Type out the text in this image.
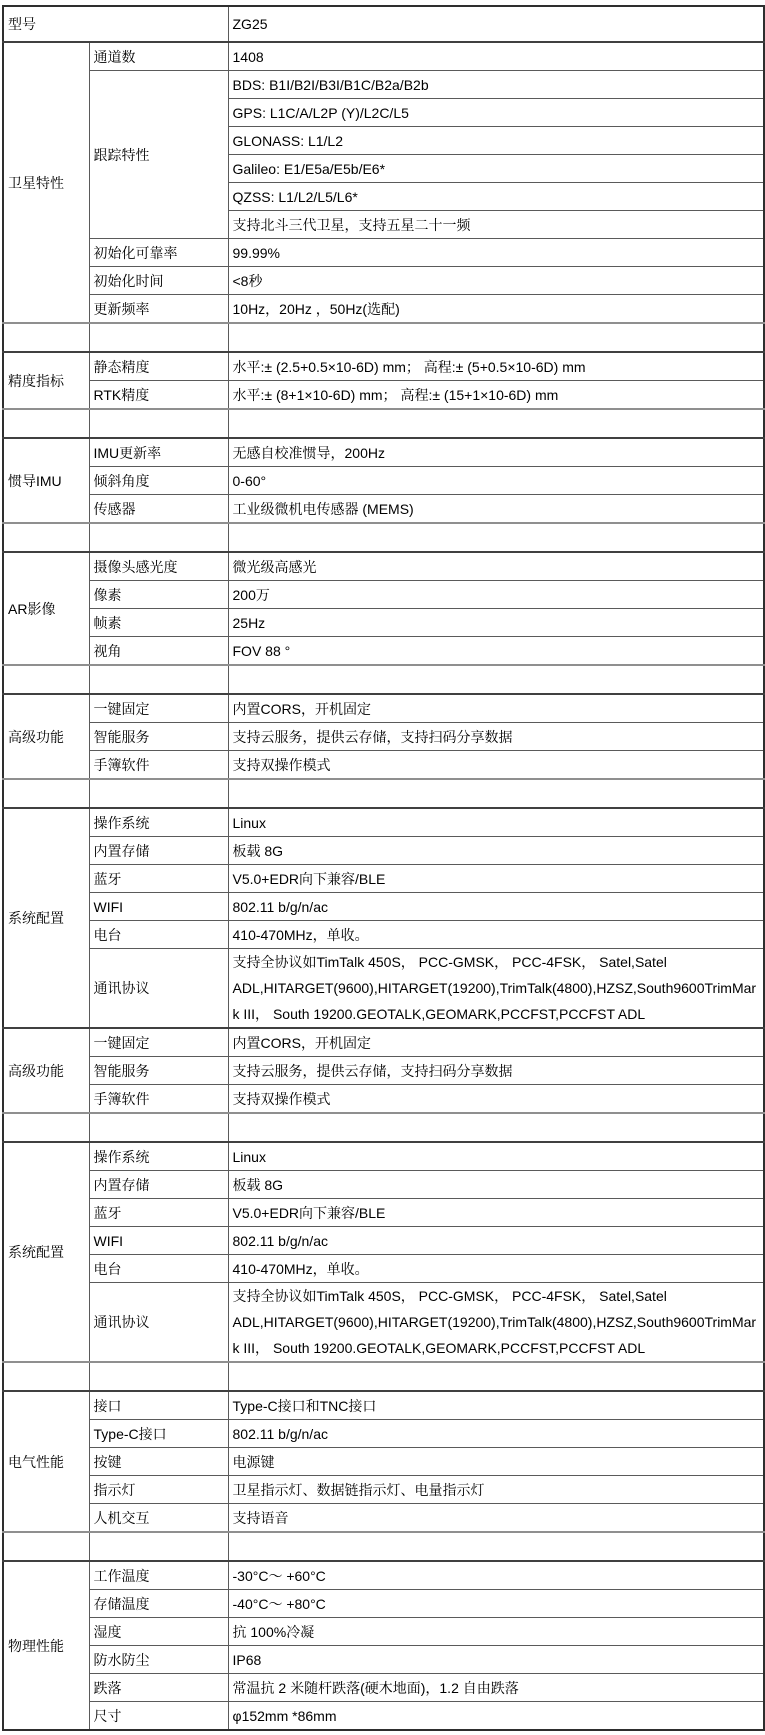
型号		ZG25
卫星特性	通道数	1408
	跟踪特性	BDS: B1I/B2I/B3I/B1C/B2a/B2b
		GPS: L1C/A/L2P (Y)/L2C/L5
		GLONASS: L1/L2
		Galileo: E1/E5a/E5b/E6*
		QZSS: L1/L2/L5/L6*
		支持北斗三代卫星，支持五星二十一频
	初始化可靠率	99.99%
	初始化时间	<8秒
	更新频率	10Hz，20Hz ，50Hz(选配)

精度指标	静态精度	水平:± (2.5+0.5×10-6D) mm； 高程:± (5+0.5×10-6D) mm
	RTK精度	水平:± (8+1×10-6D) mm； 高程:± (15+1×10-6D) mm

惯导IMU	IMU更新率	无感自校准惯导，200Hz
	倾斜角度	0-60°
	传感器	工业级微机电传感器 (MEMS)

AR影像	摄像头感光度	微光级高感光
	像素	200万
	帧素	25Hz
	视角	FOV 88 °

高级功能	一键固定	内置CORS，开机固定
	智能服务	支持云服务，提供云存储，支持扫码分享数据
	手簿软件	支持双操作模式

系统配置	操作系统	Linux
	内置存储	板载 8G
	蓝牙	V5.0+EDR向下兼容/BLE
	WIFI	802.11 b/g/n/ac
	电台	410-470MHz，单收。
	通讯协议	支持全协议如TimTalk 450S， PCC-GMSK， PCC-4FSK， Satel,Satel ADL,HITARGET(9600),HITARGET(19200),TrimTalk(4800),HZSZ,South9600TrimMark III， South 19200.GEOTALK,GEOMARK,PCCFST,PCCFST ADL
高级功能	一键固定	内置CORS，开机固定
	智能服务	支持云服务，提供云存储，支持扫码分享数据
	手簿软件	支持双操作模式

系统配置	操作系统	Linux
	内置存储	板载 8G
	蓝牙	V5.0+EDR向下兼容/BLE
	WIFI	802.11 b/g/n/ac
	电台	410-470MHz，单收。
	通讯协议	支持全协议如TimTalk 450S， PCC-GMSK， PCC-4FSK， Satel,Satel ADL,HITARGET(9600),HITARGET(19200),TrimTalk(4800),HZSZ,South9600TrimMark III， South 19200.GEOTALK,GEOMARK,PCCFST,PCCFST ADL

电气性能	接口	Type-C接口和TNC接口
	Type-C接口	802.11 b/g/n/ac
	按键	电源键
	指示灯	卫星指示灯、数据链指示灯、电量指示灯
	人机交互	支持语音

物理性能	工作温度	-30°C～ +60°C
	存储温度	-40°C～ +80°C
	湿度	抗 100%冷凝
	防水防尘	IP68
	跌落	常温抗 2 米随杆跌落(硬木地面)，1.2 自由跌落
	尺寸	φ152mm *86mm
